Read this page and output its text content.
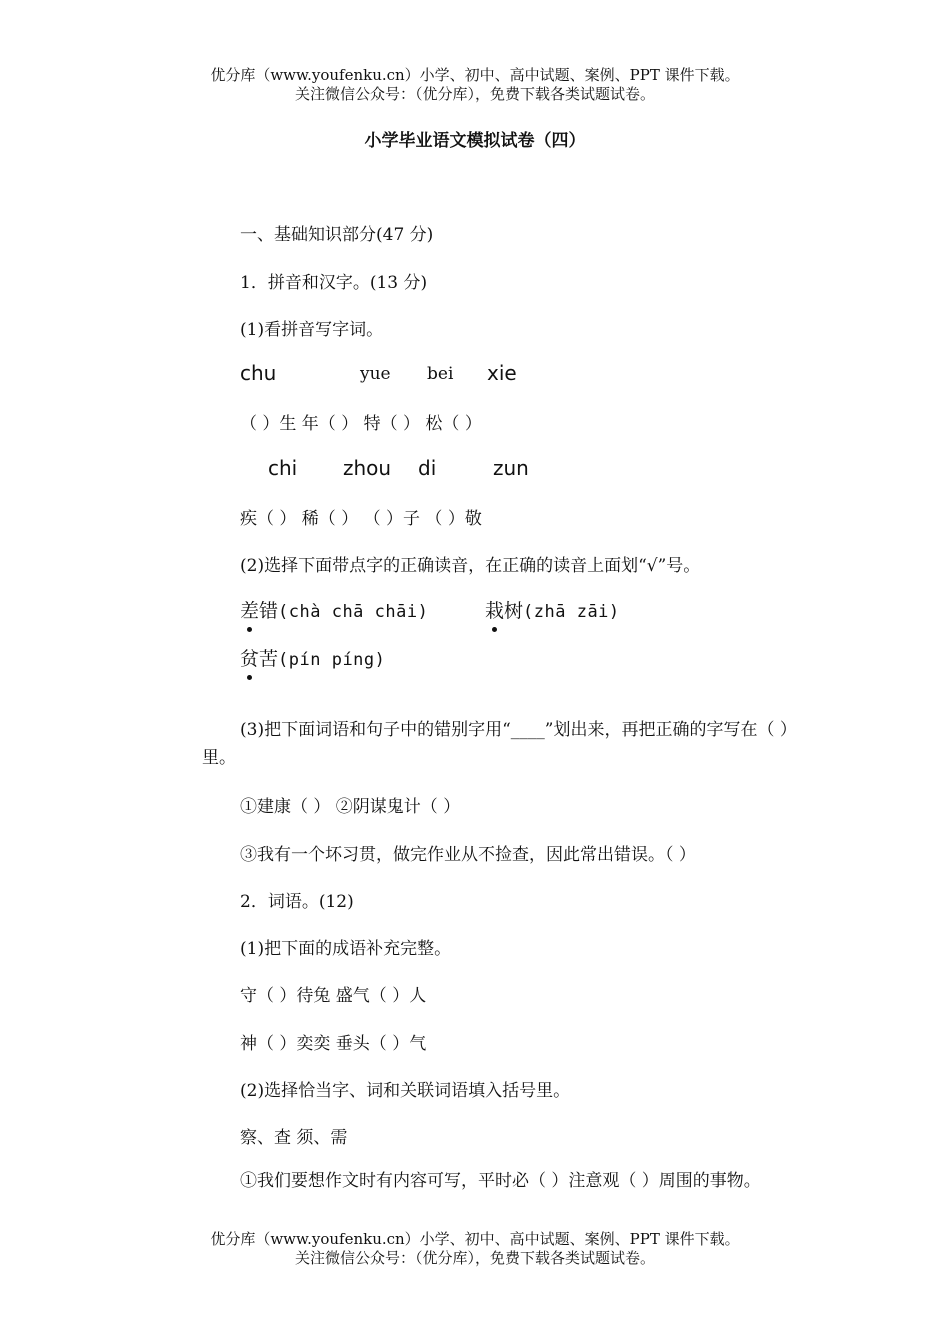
优分库（www.youfenku.cn）小学、初中、高中试题、案例、PPT 课件下载。
关注微信公众号：（优分库），免费下载各类试题试卷。
小学毕业语文模拟试卷（四）
一、基础知识部分(47 分)
1．拼音和汉字。(13 分)
(1)看拼音写字词。
chu	yue bei xie
（ ）生 年（ ） 特（ ） 松（ ）
chi zhou di	zun
疾（ ） 稀（ ） （ ）子 （ ）敬
(2)选择下面带点字的正确读音，在正确的读音上面划“√”号。
差错(chà chā chāi)	栽树(zhā zāi)
贫苦(pín píng)
(3)把下面词语和句子中的错别字用“____”划出来，再把正确的字写在（ ）里。
①建康（ ） ②阴谋鬼计（ ）
③我有一个坏习贯，做完作业从不捡查，因此常出错误。（ ）
2．词语。(12)
(1)把下面的成语补充完整。
守（ ）待兔 盛气（ ）人
神（ ）奕奕 垂头（ ）气
(2)选择恰当字、词和关联词语填入括号里。
察、查 须、需
①我们要想作文时有内容可写，平时必（ ）注意观（ ）周围的事物。
优分库（www.youfenku.cn）小学、初中、高中试题、案例、PPT 课件下载。
关注微信公众号：（优分库），免费下载各类试题试卷。
